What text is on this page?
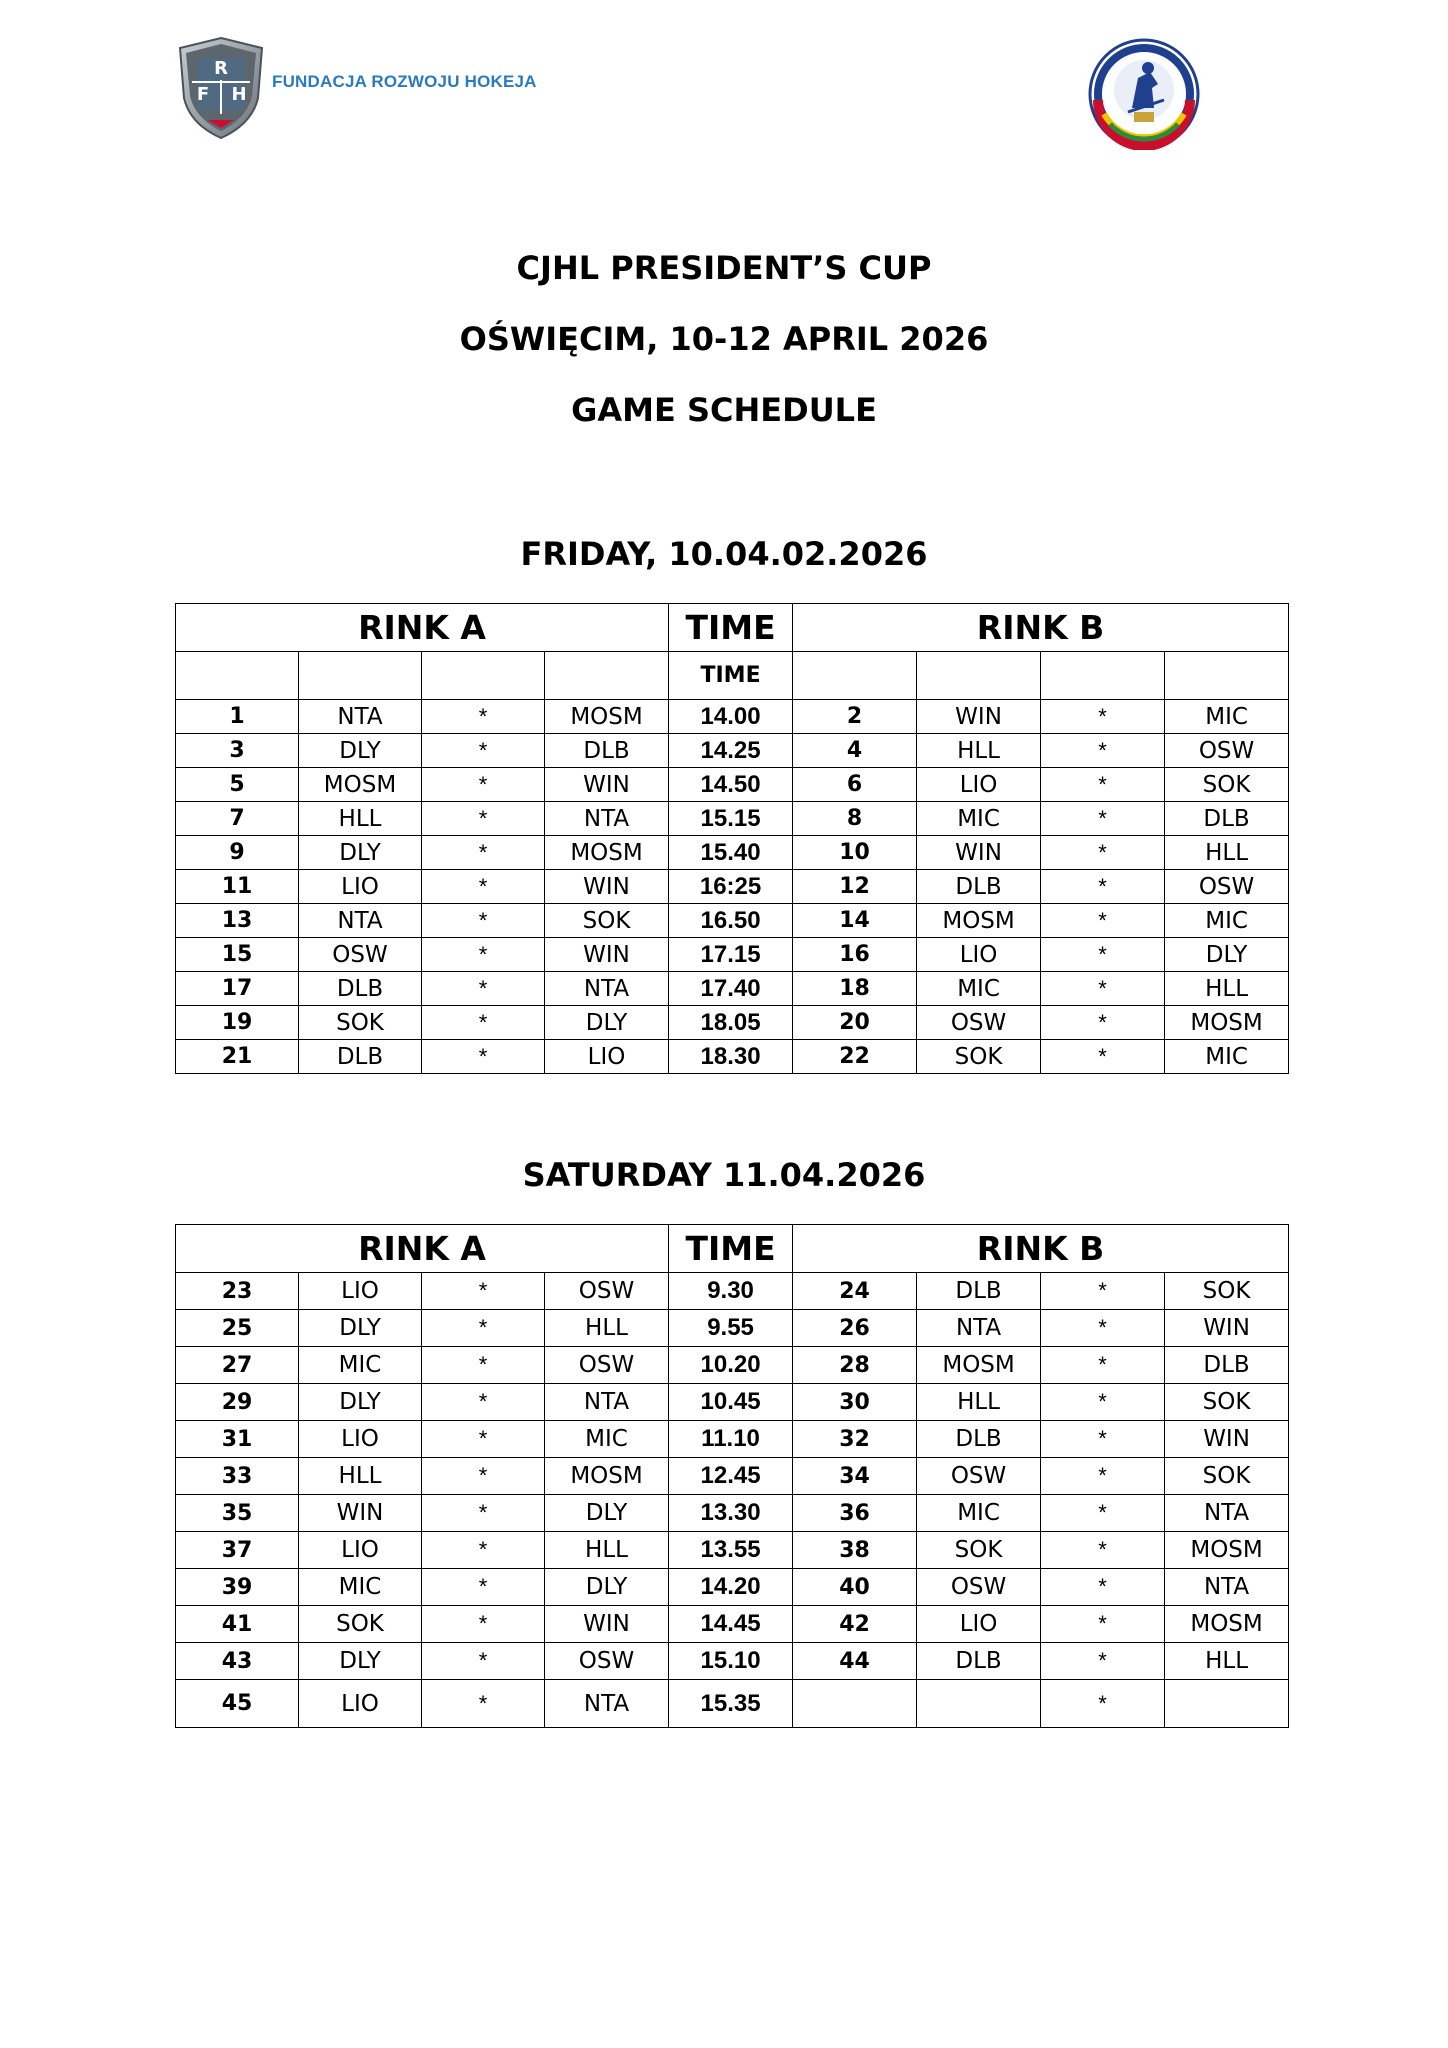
R
F H
FUNDACJA ROZWOJU HOKEJA
CJHL PRESIDENT’S CUP
OŚWIĘCIM, 10-12 APRIL 2026
GAME SCHEDULE
FRIDAY, 10.04.02.2026
RINK A				TIME	RINK B			
				TIME				
1	NTA	*	MOSM	14.00	2	WIN	*	MIC
3	DLY	*	DLB	14.25	4	HLL	*	OSW
5	MOSM	*	WIN	14.50	6	LIO	*	SOK
7	HLL	*	NTA	15.15	8	MIC	*	DLB
9	DLY	*	MOSM	15.40	10	WIN	*	HLL
11	LIO	*	WIN	16:25	12	DLB	*	OSW
13	NTA	*	SOK	16.50	14	MOSM	*	MIC
15	OSW	*	WIN	17.15	16	LIO	*	DLY
17	DLB	*	NTA	17.40	18	MIC	*	HLL
19	SOK	*	DLY	18.05	20	OSW	*	MOSM
21	DLB	*	LIO	18.30	22	SOK	*	MIC
SATURDAY 11.04.2026
RINK A				TIME	RINK B			
23	LIO	*	OSW	9.30	24	DLB	*	SOK
25	DLY	*	HLL	9.55	26	NTA	*	WIN
27	MIC	*	OSW	10.20	28	MOSM	*	DLB
29	DLY	*	NTA	10.45	30	HLL	*	SOK
31	LIO	*	MIC	11.10	32	DLB	*	WIN
33	HLL	*	MOSM	12.45	34	OSW	*	SOK
35	WIN	*	DLY	13.30	36	MIC	*	NTA
37	LIO	*	HLL	13.55	38	SOK	*	MOSM
39	MIC	*	DLY	14.20	40	OSW	*	NTA
41	SOK	*	WIN	14.45	42	LIO	*	MOSM
43	DLY	*	OSW	15.10	44	DLB	*	HLL
45	LIO	*	NTA	15.35			*	
